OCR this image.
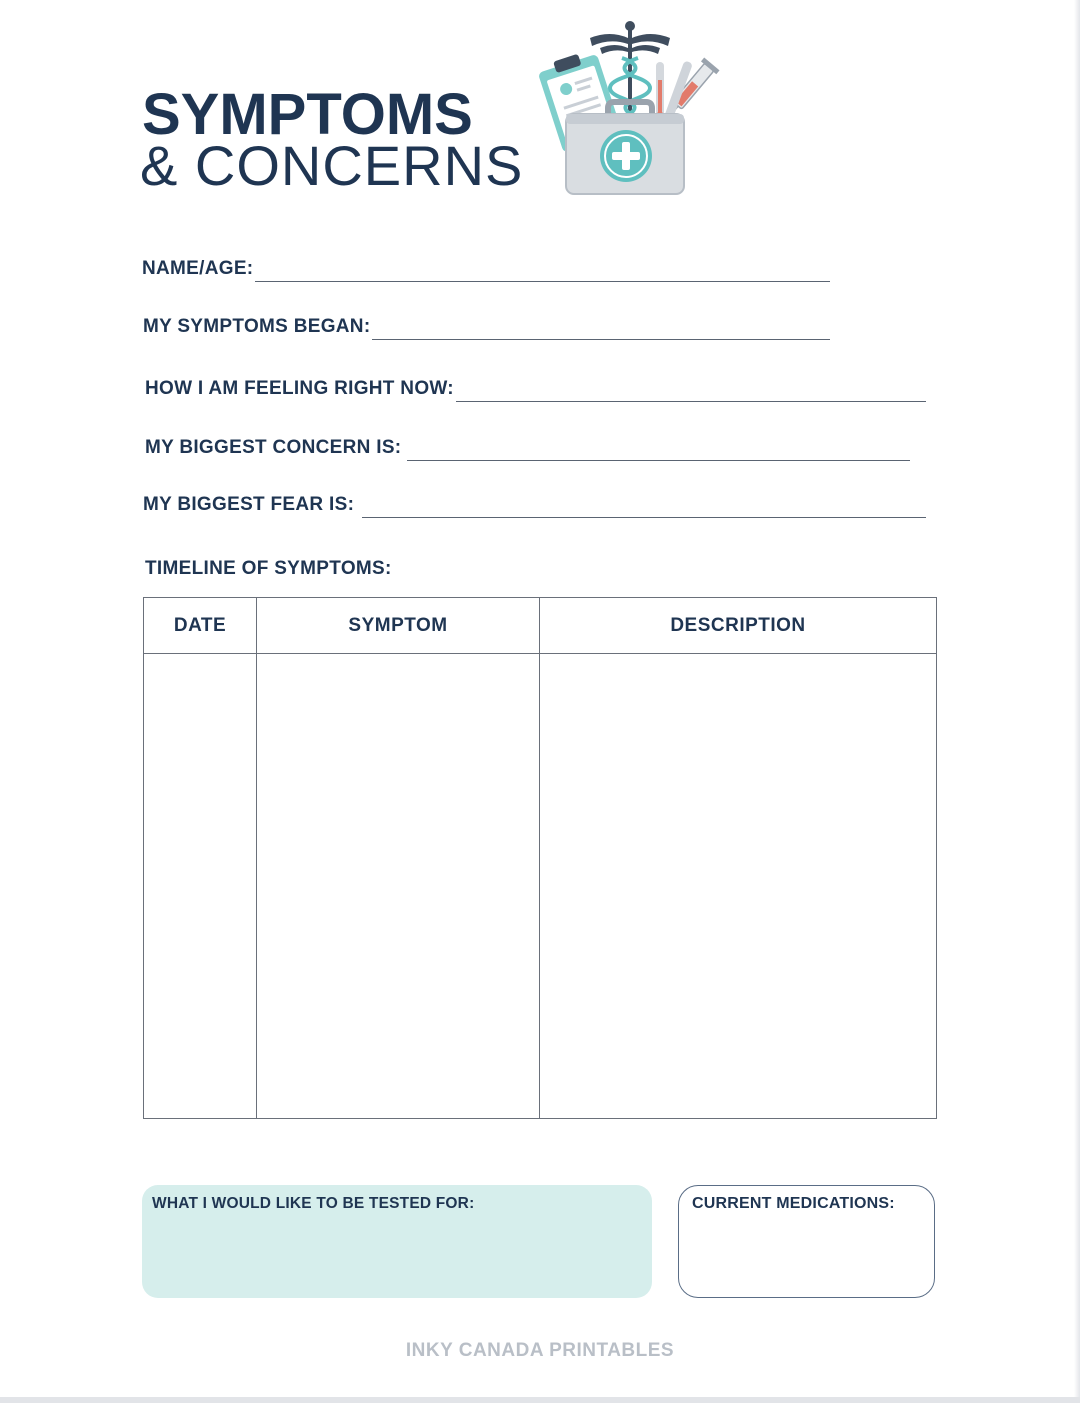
SYMPTOMS
& CONCERNS
NAME/AGE:
MY SYMPTOMS BEGAN:
HOW I AM FEELING RIGHT NOW:
MY BIGGEST CONCERN IS:
MY BIGGEST FEAR IS:
TIMELINE OF SYMPTOMS:
DATE	SYMPTOM	DESCRIPTION

WHAT I WOULD LIKE TO BE TESTED FOR:	CURRENT MEDICATIONS:
INKY CANADA PRINTABLES
